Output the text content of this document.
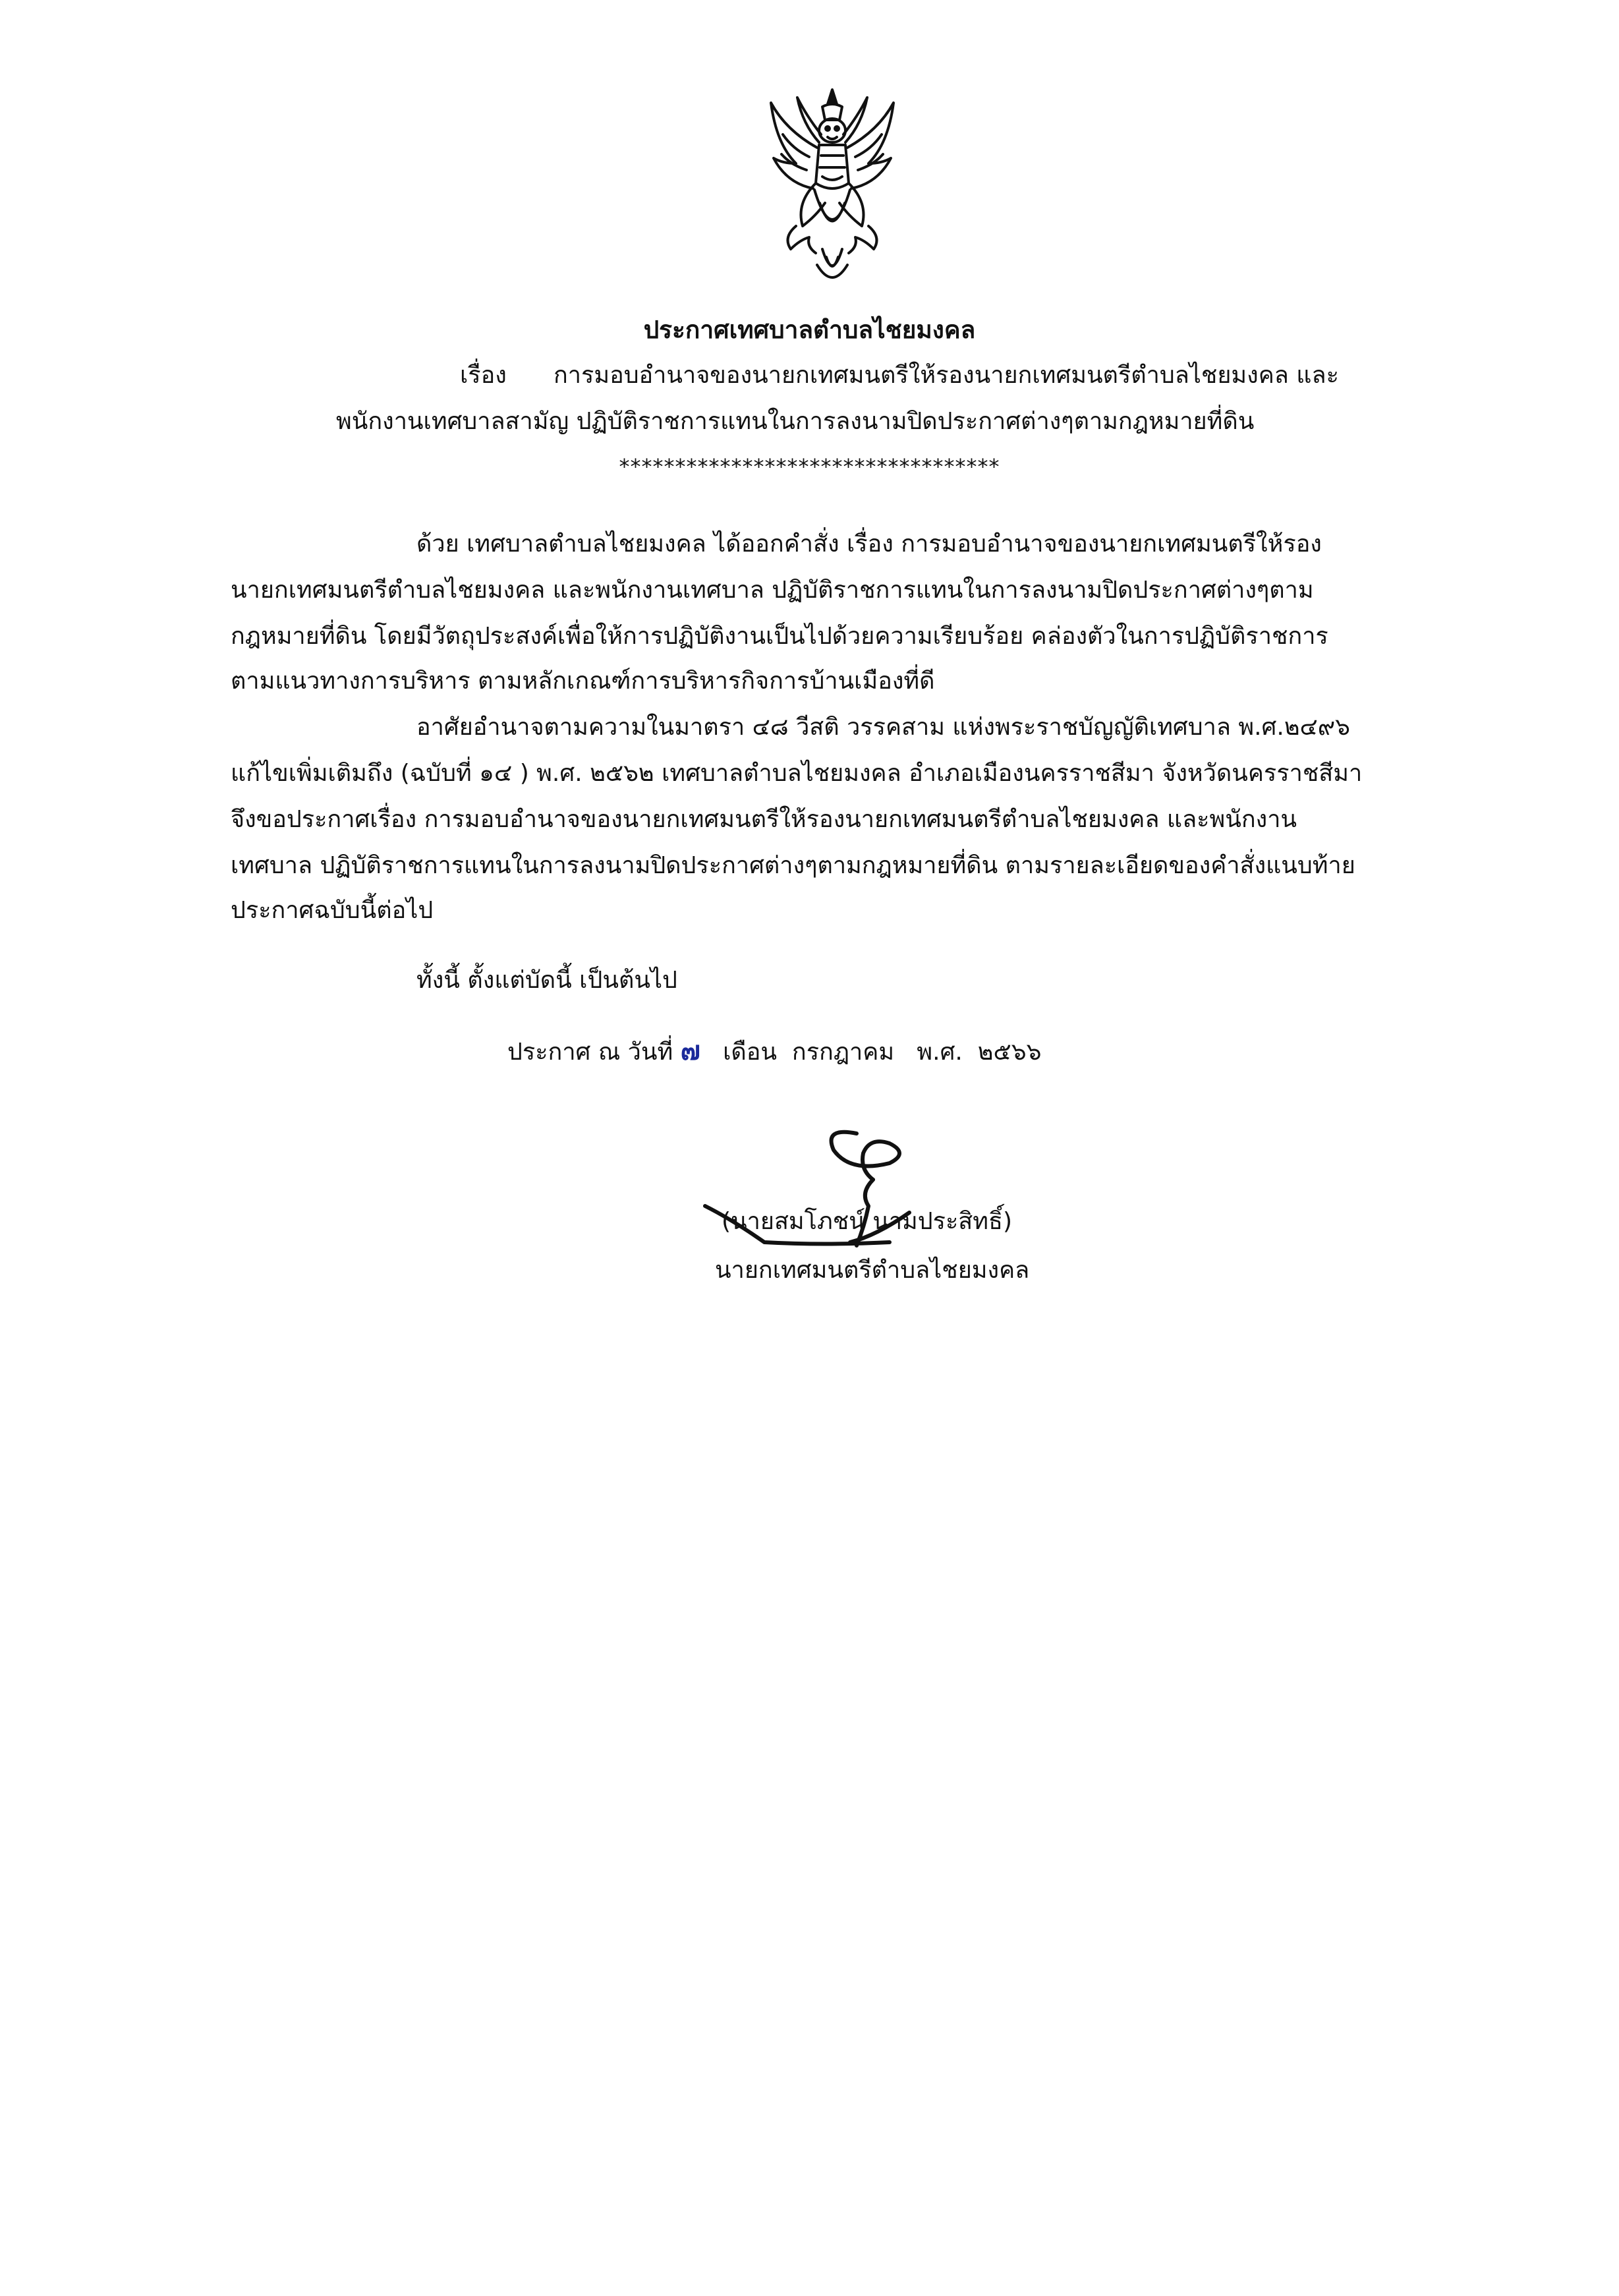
ประกาศเทศบาลตำบลไชยมงคล
เรื่อง การมอบอำนาจของนายกเทศมนตรีให้รองนายกเทศมนตรีตำบลไชยมงคล และ
พนักงานเทศบาลสามัญ ปฏิบัติราชการแทนในการลงนามปิดประกาศต่างๆตามกฎหมายที่ดิน
**********************************
ด้วย เทศบาลตำบลไชยมงคล ได้ออกคำสั่ง เรื่อง การมอบอำนาจของนายกเทศมนตรีให้รอง
นายกเทศมนตรีตำบลไชยมงคล และพนักงานเทศบาล ปฏิบัติราชการแทนในการลงนามปิดประกาศต่างๆตาม
กฎหมายที่ดิน โดยมีวัตถุประสงค์เพื่อให้การปฏิบัติงานเป็นไปด้วยความเรียบร้อย คล่องตัวในการปฏิบัติราชการ
ตามแนวทางการบริหาร ตามหลักเกณฑ์การบริหารกิจการบ้านเมืองที่ดี
อาศัยอำนาจตามความในมาตรา ๔๘ วีสติ วรรคสาม แห่งพระราชบัญญัติเทศบาล พ.ศ.๒๔๙๖
แก้ไขเพิ่มเติมถึง (ฉบับที่ ๑๔ ) พ.ศ. ๒๕๖๒ เทศบาลตำบลไชยมงคล อำเภอเมืองนครราชสีมา จังหวัดนครราชสีมา
จึงขอประกาศเรื่อง การมอบอำนาจของนายกเทศมนตรีให้รองนายกเทศมนตรีตำบลไชยมงคล และพนักงาน
เทศบาล ปฏิบัติราชการแทนในการลงนามปิดประกาศต่างๆตามกฎหมายที่ดิน ตามรายละเอียดของคำสั่งแนบท้าย
ประกาศฉบับนี้ต่อไป
ทั้งนี้ ตั้งแต่บัดนี้ เป็นต้นไป
ประกาศ ณ วันที่ ๗ เดือน กรกฎาคม พ.ศ. ๒๕๖๖
(นายสมโภชน์ นามประสิทธิ์)
นายกเทศมนตรีตำบลไชยมงคล
